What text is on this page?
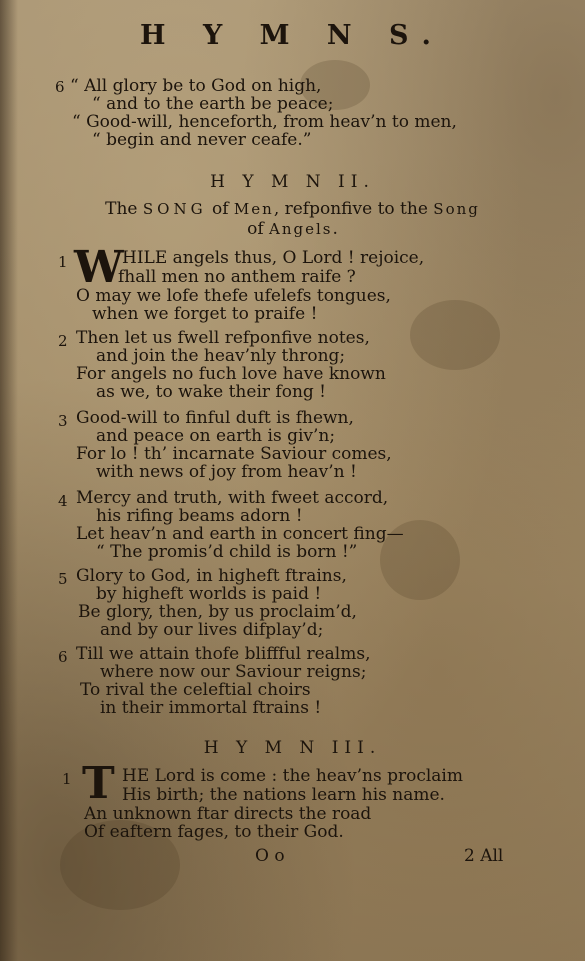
H Y M N S.
6 “ All glory be to God on high,
“ and to the earth be peace;
“ Good-will, henceforth, from heav’n to men,
“ begin and never ceafe.”
H Y M N II.
The SONG of Men, refponfive to the Song
of Angels.
1 W
HILE angels thus, O Lord ! rejoice,
fhall men no anthem raife ?
O may we lofe thefe ufelefs tongues,
when we forget to praife !
2 Then let us fwell refponfive notes,
and join the heav’nly throng;
For angels no fuch love have known
as we, to wake their fong !
3 Good-will to finful duft is fhewn,
and peace on earth is giv’n;
For lo ! th’ incarnate Saviour comes,
with news of joy from heav’n !
4 Mercy and truth, with fweet accord,
his rifing beams adorn !
Let heav’n and earth in concert fing—
“ The promis’d child is born !”
5 Glory to God, in higheft ftrains,
by higheft worlds is paid !
Be glory, then, by us proclaim’d,
and by our lives difplay’d;
6 Till we attain thofe bliffful realms,
where now our Saviour reigns;
To rival the celeftial choirs
in their immortal ftrains !
H Y M N III.
1 T HE Lord is come : the heav’ns proclaim
His birth; the nations learn his name.
An unknown ftar directs the road
Of eaftern fages, to their God.
O o	2 All
